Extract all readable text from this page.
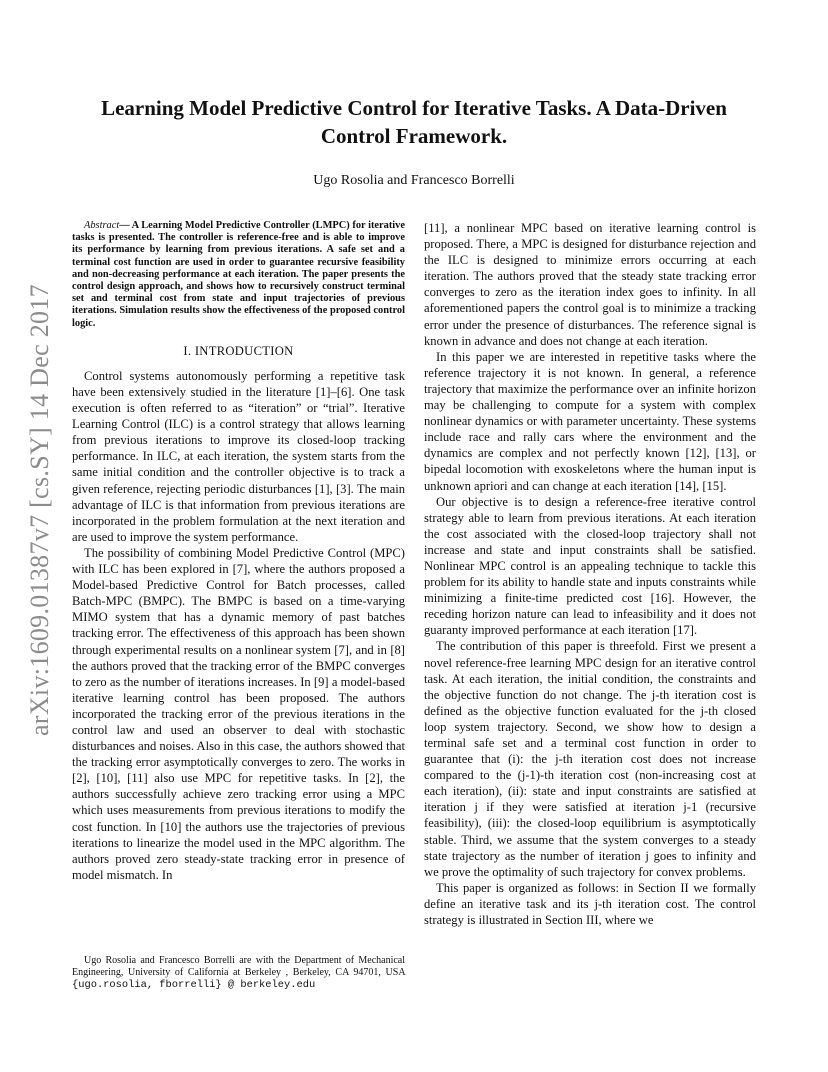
arXiv:1609.01387v7 [cs.SY] 14 Dec 2017
Learning Model Predictive Control for Iterative Tasks. A Data-Driven Control Framework.
Ugo Rosolia and Francesco Borrelli

Abstract— A Learning Model Predictive Controller (LMPC) for iterative tasks is presented. The controller is reference-free and is able to improve its performance by learning from previous iterations. A safe set and a terminal cost function are used in order to guarantee recursive feasibility and non-decreasing performance at each iteration. The paper presents the control design approach, and shows how to recursively construct terminal set and terminal cost from state and input trajectories of previous iterations. Simulation results show the effectiveness of the proposed control logic.

I. INTRODUCTION

Control systems autonomously performing a repetitive task have been extensively studied in the literature [1]–[6]. One task execution is often referred to as “iteration” or “trial”. Iterative Learning Control (ILC) is a control strategy that allows learning from previous iterations to improve its closed-loop tracking performance. In ILC, at each iteration, the system starts from the same initial condition and the controller objective is to track a given reference, rejecting periodic disturbances [1], [3]. The main advantage of ILC is that information from previous iterations are incorporated in the problem formulation at the next iteration and are used to improve the system performance.

The possibility of combining Model Predictive Control (MPC) with ILC has been explored in [7], where the authors proposed a Model-based Predictive Control for Batch processes, called Batch-MPC (BMPC). The BMPC is based on a time-varying MIMO system that has a dynamic memory of past batches tracking error. The effectiveness of this approach has been shown through experimental results on a nonlinear system [7], and in [8] the authors proved that the tracking error of the BMPC converges to zero as the number of iterations increases. In [9] a model-based iterative learning control has been proposed. The authors incorporated the tracking error of the previous iterations in the control law and used an observer to deal with stochastic disturbances and noises. Also in this case, the authors showed that the tracking error asymptotically converges to zero. The works in [2], [10], [11] also use MPC for repetitive tasks. In [2], the authors successfully achieve zero tracking error using a MPC which uses measurements from previous iterations to modify the cost function. In [10] the authors use the trajectories of previous iterations to linearize the model used in the MPC algorithm. The authors proved zero steady-state tracking error in presence of model mismatch. In

[11], a nonlinear MPC based on iterative learning control is proposed. There, a MPC is designed for disturbance rejection and the ILC is designed to minimize errors occurring at each iteration. The authors proved that the steady state tracking error converges to zero as the iteration index goes to infinity. In all aforementioned papers the control goal is to minimize a tracking error under the presence of disturbances. The reference signal is known in advance and does not change at each iteration.

In this paper we are interested in repetitive tasks where the reference trajectory it is not known. In general, a reference trajectory that maximize the performance over an infinite horizon may be challenging to compute for a system with complex nonlinear dynamics or with parameter uncertainty. These systems include race and rally cars where the environment and the dynamics are complex and not perfectly known [12], [13], or bipedal locomotion with exoskeletons where the human input is unknown apriori and can change at each iteration [14], [15].

Our objective is to design a reference-free iterative control strategy able to learn from previous iterations. At each iteration the cost associated with the closed-loop trajectory shall not increase and state and input constraints shall be satisfied. Nonlinear MPC control is an appealing technique to tackle this problem for its ability to handle state and inputs constraints while minimizing a finite-time predicted cost [16]. However, the receding horizon nature can lead to infeasibility and it does not guaranty improved performance at each iteration [17].

The contribution of this paper is threefold. First we present a novel reference-free learning MPC design for an iterative control task. At each iteration, the initial condition, the constraints and the objective function do not change. The j-th iteration cost is defined as the objective function evaluated for the j-th closed loop system trajectory. Second, we show how to design a terminal safe set and a terminal cost function in order to guarantee that (i): the j-th iteration cost does not increase compared to the (j-1)-th iteration cost (non-increasing cost at each iteration), (ii): state and input constraints are satisfied at iteration j if they were satisfied at iteration j-1 (recursive feasibility), (iii): the closed-loop equilibrium is asymptotically stable. Third, we assume that the system converges to a steady state trajectory as the number of iteration j goes to infinity and we prove the optimality of such trajectory for convex problems.

This paper is organized as follows: in Section II we formally define an iterative task and its j-th iteration cost. The control strategy is illustrated in Section III, where we

Ugo Rosolia and Francesco Borrelli are with the Department of Mechanical Engineering, University of California at Berkeley , Berkeley, CA 94701, USA {ugo.rosolia, fborrelli} @ berkeley.edu
